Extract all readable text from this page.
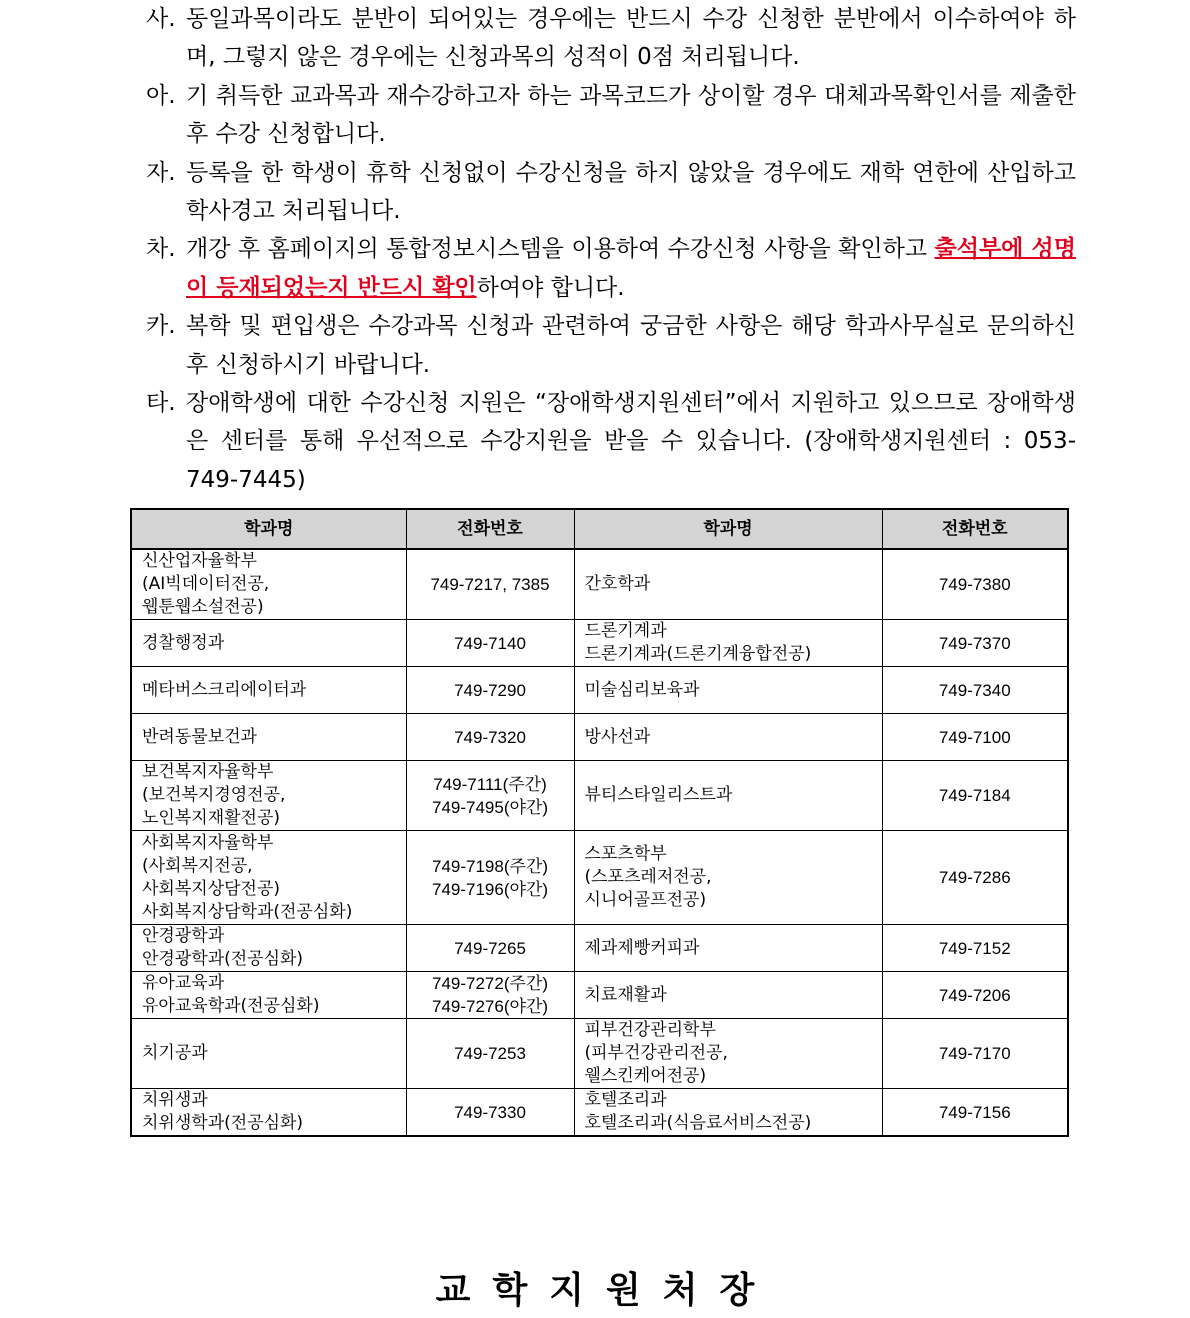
사. 동일과목이라도 분반이 되어있는 경우에는 반드시 수강 신청한 분반에서 이수하여야 하며, 그렇지 않은 경우에는 신청과목의 성적이 0점 처리됩니다.
아. 기 취득한 교과목과 재수강하고자 하는 과목코드가 상이할 경우 대체과목확인서를 제출한 후 수강 신청합니다.
자. 등록을 한 학생이 휴학 신청없이 수강신청을 하지 않았을 경우에도 재학 연한에 산입하고 학사경고 처리됩니다.
차. 개강 후 홈페이지의 통합정보시스템을 이용하여 수강신청 사항을 확인하고 출석부에 성명이 등재되었는지 반드시 확인하여야 합니다.
카. 복학 및 편입생은 수강과목 신청과 관련하여 궁금한 사항은 해당 학과사무실로 문의하신 후 신청하시기 바랍니다.
타. 장애학생에 대한 수강신청 지원은 “장애학생지원센터”에서 지원하고 있으므로 장애학생은 센터를 통해 우선적으로 수강지원을 받을 수 있습니다. (장애학생지원센터 : 053-749-7445)
학과명	전화번호	학과명	전화번호

신산업자율학부
(AI빅데이터전공,
웹툰웹소설전공)	749-7217, 7385	간호학과	749-7380

경찰행정과	749-7140	드론기계과
드론기계과(드론기계융합전공)	749-7370

메타버스크리에이터과	749-7290	미술심리보육과	749-7340

반려동물보건과	749-7320	방사선과	749-7100

보건복지자율학부
(보건복지경영전공,
노인복지재활전공)	749-7111(주간)
749-7495(야간)	뷰티스타일리스트과	749-7184

사회복지자율학부
(사회복지전공,
사회복지상담전공)
사회복지상담학과(전공심화)	749-7198(주간)
749-7196(야간)	스포츠학부
(스포츠레저전공,
시니어골프전공)	749-7286

안경광학과
안경광학과(전공심화)	749-7265	제과제빵커피과	749-7152

유아교육과
유아교육학과(전공심화)	749-7272(주간)
749-7276(야간)	치료재활과	749-7206

치기공과	749-7253	피부건강관리학부
(피부건강관리전공,
웰스킨케어전공)	749-7170

치위생과
치위생학과(전공심화)	749-7330	호텔조리과
호텔조리과(식음료서비스전공)	749-7156
교학지원처장
